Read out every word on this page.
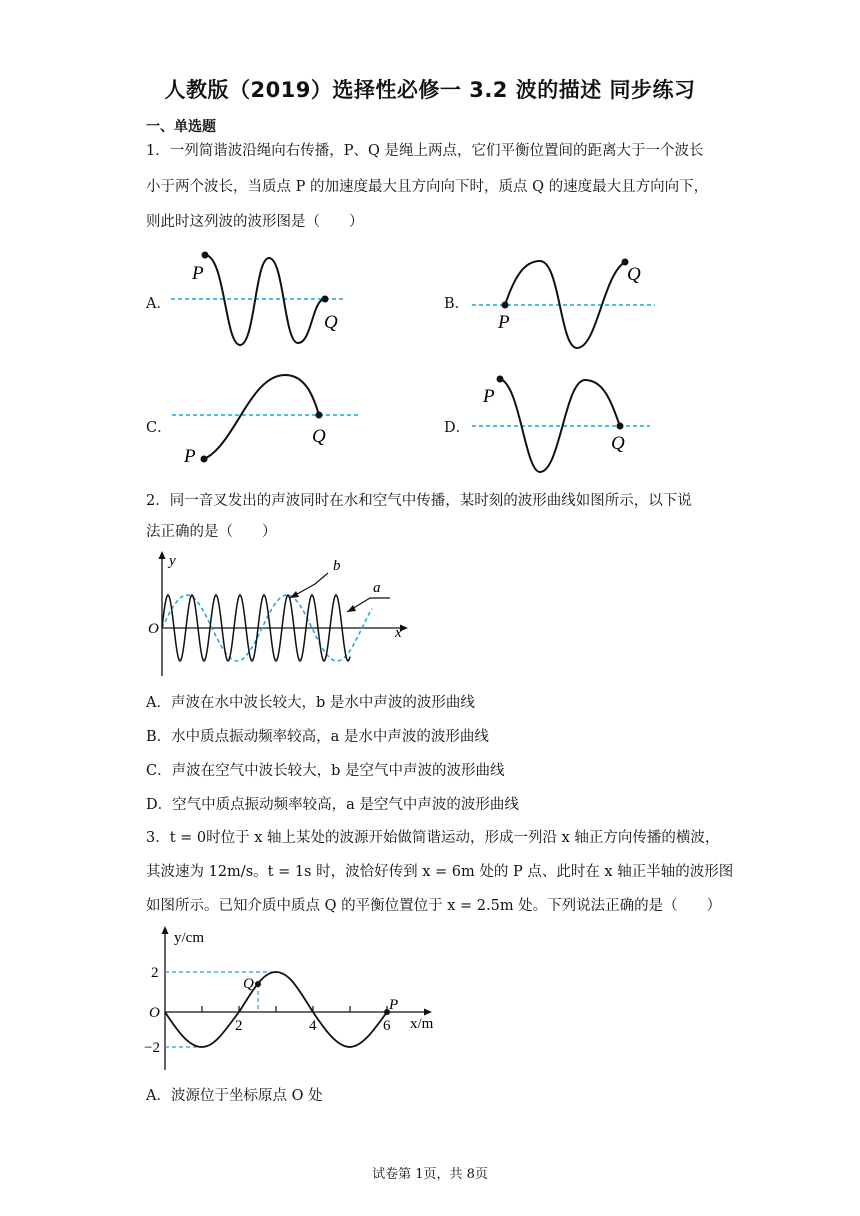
人教版（2019）选择性必修一 3.2 波的描述 同步练习
一、单选题
1．一列简谐波沿绳向右传播，P、Q 是绳上两点，它们平衡位置间的距离大于一个波长
小于两个波长，当质点 P 的加速度最大且方向向下时，质点 Q 的速度最大且方向向下，
则此时这列波的波形图是（　　）
A．	B．
C．	D．
P
Q	P
Q
P
Q
P
Q
2．同一音叉发出的声波同时在水和空气中传播，某时刻的波形曲线如图所示，以下说
法正确的是（　　）
y
x
O
b
a
A．声波在水中波长较大，b 是水中声波的波形曲线
B．水中质点振动频率较高，a 是水中声波的波形曲线
C．声波在空气中波长较大，b 是空气中声波的波形曲线
D．空气中质点振动频率较高，a 是空气中声波的波形曲线
3．t = 0时位于 x 轴上某处的波源开始做简谐运动，形成一列沿 x 轴正方向传播的横波，
其波速为 12m/s。t = 1s 时，波恰好传到 x = 6m 处的 P 点、此时在 x 轴正半轴的波形图
如图所示。已知介质中质点 Q 的平衡位置位于 x = 2.5m 处。下列说法正确的是（　　）
y/cm
x/m
O
2
−2
2	4	6
Q
P
A．波源位于坐标原点 O 处
试卷第 1页，共 8页
